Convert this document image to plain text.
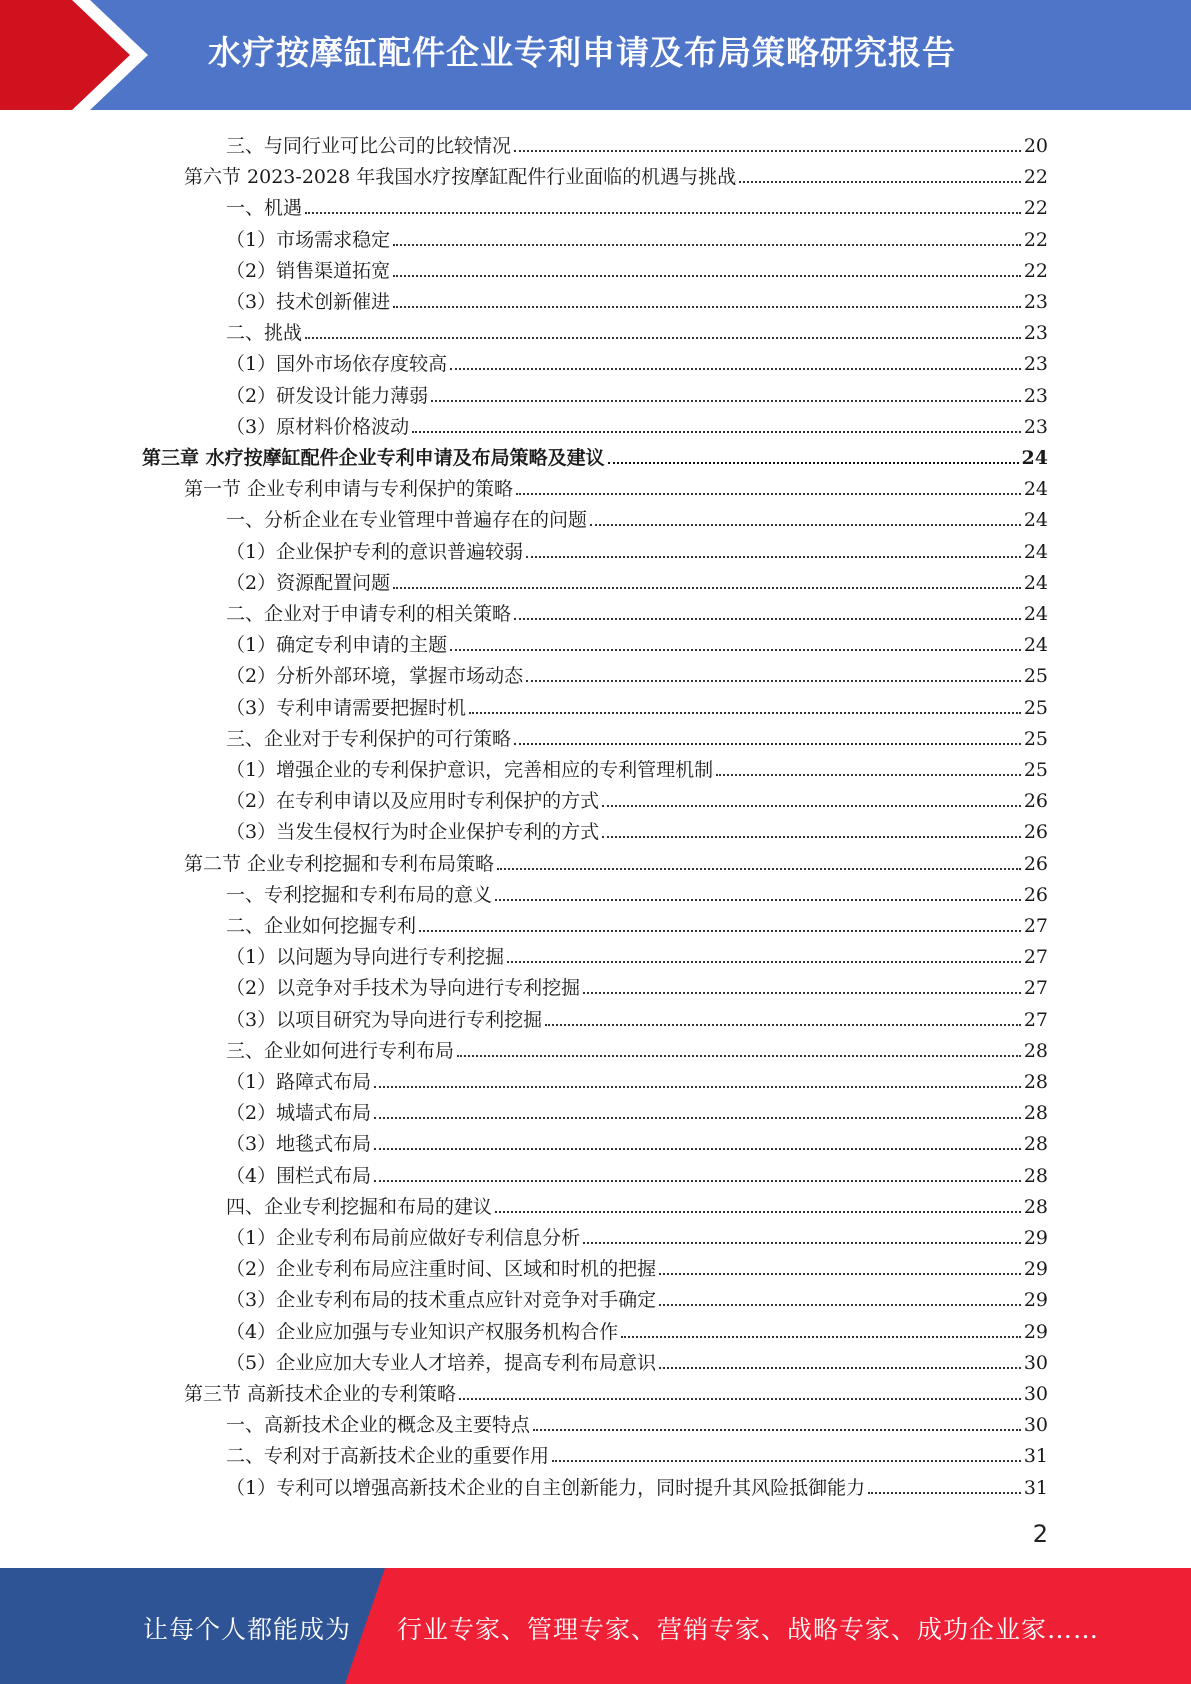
水疗按摩缸配件企业专利申请及布局策略研究报告
三、与同行业可比公司的比较情况	20
第六节 2023-2028 年我国水疗按摩缸配件行业面临的机遇与挑战	22
一、机遇	22
（1）市场需求稳定	22
（2）销售渠道拓宽	22
（3）技术创新催进	23
二、挑战	23
（1）国外市场依存度较高	23
（2）研发设计能力薄弱	23
（3）原材料价格波动	23
第三章 水疗按摩缸配件企业专利申请及布局策略及建议	24
第一节 企业专利申请与专利保护的策略	24
一、分析企业在专业管理中普遍存在的问题	24
（1）企业保护专利的意识普遍较弱	24
（2）资源配置问题	24
二、企业对于申请专利的相关策略	24
（1）确定专利申请的主题	24
（2）分析外部环境，掌握市场动态	25
（3）专利申请需要把握时机	25
三、企业对于专利保护的可行策略	25
（1）增强企业的专利保护意识，完善相应的专利管理机制	25
（2）在专利申请以及应用时专利保护的方式	26
（3）当发生侵权行为时企业保护专利的方式	26
第二节 企业专利挖掘和专利布局策略	26
一、专利挖掘和专利布局的意义	26
二、企业如何挖掘专利	27
（1）以问题为导向进行专利挖掘	27
（2）以竞争对手技术为导向进行专利挖掘	27
（3）以项目研究为导向进行专利挖掘	27
三、企业如何进行专利布局	28
（1）路障式布局	28
（2）城墙式布局	28
（3）地毯式布局	28
（4）围栏式布局	28
四、企业专利挖掘和布局的建议	28
（1）企业专利布局前应做好专利信息分析	29
（2）企业专利布局应注重时间、区域和时机的把握	29
（3）企业专利布局的技术重点应针对竞争对手确定	29
（4）企业应加强与专业知识产权服务机构合作	29
（5）企业应加大专业人才培养，提高专利布局意识	30
第三节 高新技术企业的专利策略	30
一、高新技术企业的概念及主要特点	30
二、专利对于高新技术企业的重要作用	31
（1）专利可以增强高新技术企业的自主创新能力，同时提升其风险抵御能力	31
2
让每个人都能成为 行业专家、管理专家、营销专家、战略专家、成功企业家……
